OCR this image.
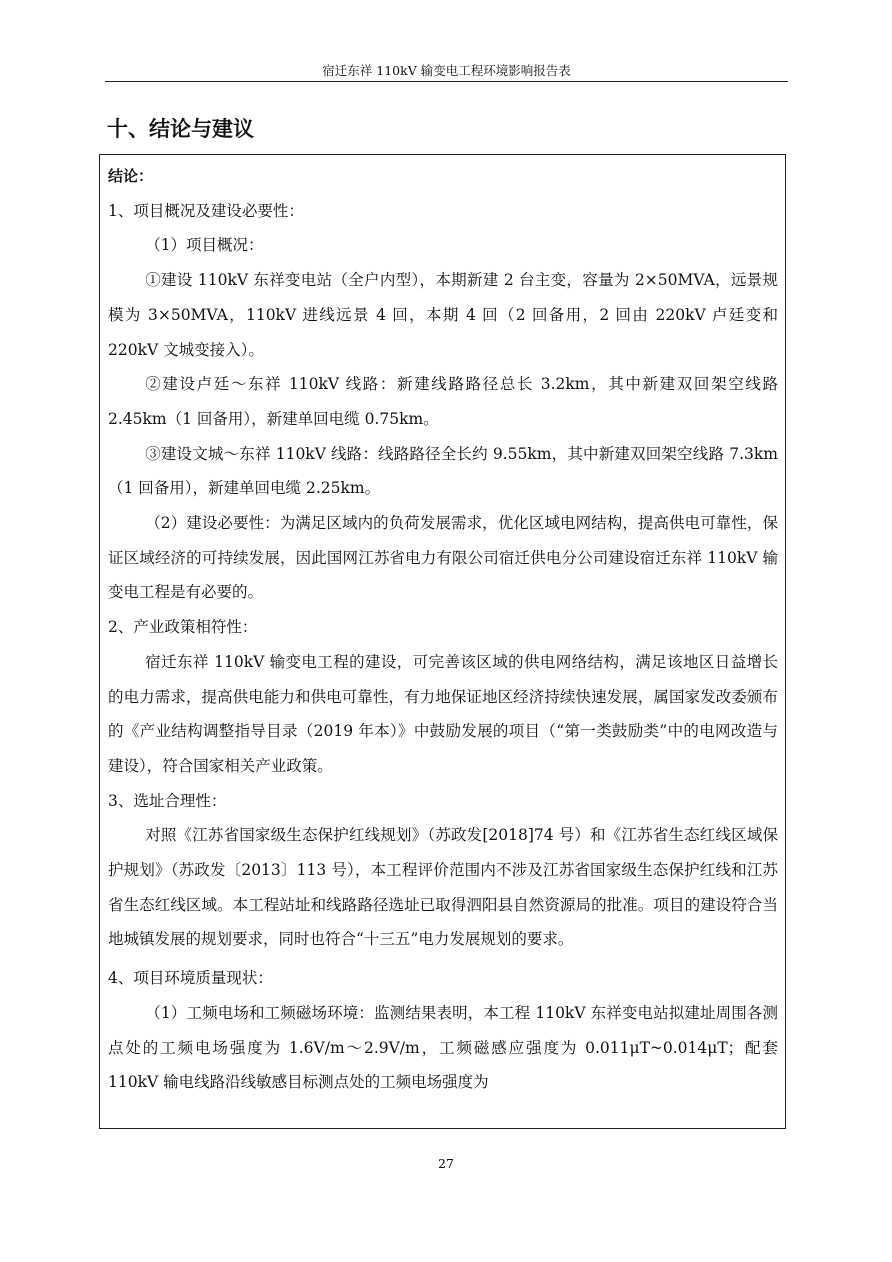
宿迁东祥 110kV 输变电工程环境影响报告表
十、结论与建议

结论：

1、项目概况及建设必要性：

（1）项目概况：

①建设 110kV 东祥变电站（全户内型），本期新建 2 台主变，容量为 2×50MVA，远景规模为 3×50MVA，110kV 进线远景 4 回，本期 4 回（2 回备用，2 回由 220kV 卢廷变和 220kV 文城变接入）。

②建设卢廷～东祥 110kV 线路：新建线路路径总长 3.2km，其中新建双回架空线路 2.45km（1 回备用），新建单回电缆 0.75km。

③建设文城～东祥 110kV 线路：线路路径全长约 9.55km，其中新建双回架空线路 7.3km（1 回备用），新建单回电缆 2.25km。

（2）建设必要性：为满足区域内的负荷发展需求，优化区域电网结构，提高供电可靠性，保证区域经济的可持续发展，因此国网江苏省电力有限公司宿迁供电分公司建设宿迁东祥 110kV 输变电工程是有必要的。

2、产业政策相符性：

宿迁东祥 110kV 输变电工程的建设，可完善该区域的供电网络结构，满足该地区日益增长的电力需求，提高供电能力和供电可靠性，有力地保证地区经济持续快速发展，属国家发改委颁布的《产业结构调整指导目录（2019 年本）》中鼓励发展的项目（“第一类鼓励类”中的电网改造与建设），符合国家相关产业政策。

3、选址合理性：

对照《江苏省国家级生态保护红线规划》（苏政发[2018]74 号）和《江苏省生态红线区域保护规划》（苏政发〔2013〕113 号），本工程评价范围内不涉及江苏省国家级生态保护红线和江苏省生态红线区域。本工程站址和线路路径选址已取得泗阳县自然资源局的批准。项目的建设符合当地城镇发展的规划要求，同时也符合“十三五”电力发展规划的要求。

4、项目环境质量现状：

（1）工频电场和工频磁场环境：监测结果表明，本工程 110kV 东祥变电站拟建址周围各测点处的工频电场强度为 1.6V/m～2.9V/m，工频磁感应强度为 0.011μT~0.014μT；配套 110kV 输电线路沿线敏感目标测点处的工频电场强度为

27
